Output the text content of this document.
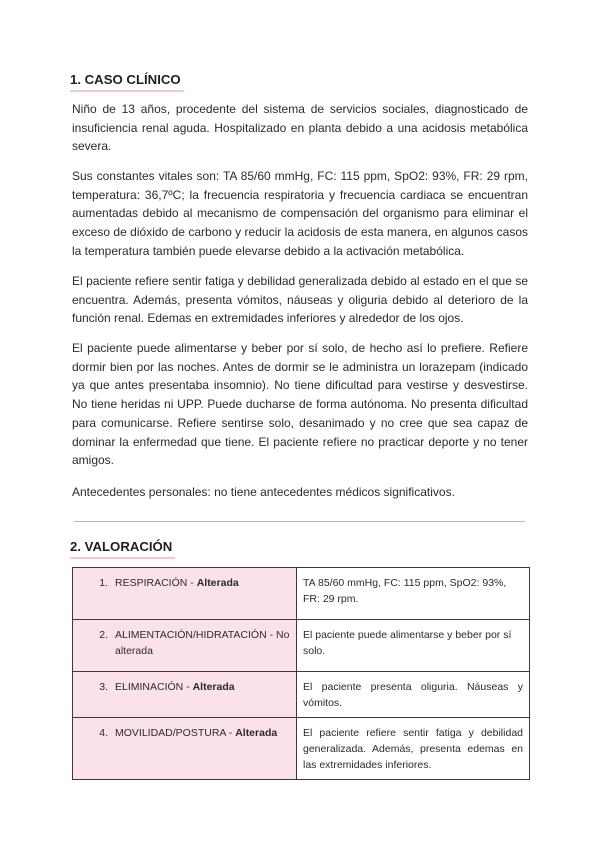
1. CASO CLÍNICO

Niño de 13 años, procedente del sistema de servicios sociales, diagnosticado de insuficiencia renal aguda. Hospitalizado en planta debido a una acidosis metabólica severa.

Sus constantes vitales son: TA 85/60 mmHg, FC: 115 ppm, SpO2: 93%, FR: 29 rpm, temperatura: 36,7ºC; la frecuencia respiratoria y frecuencia cardiaca se encuentran aumentadas debido al mecanismo de compensación del organismo para eliminar el exceso de dióxido de carbono y reducir la acidosis de esta manera, en algunos casos la temperatura también puede elevarse debido a la activación metabólica.

El paciente refiere sentir fatiga y debilidad generalizada debido al estado en el que se encuentra. Además, presenta vómitos, náuseas y oliguria debido al deterioro de la función renal. Edemas en extremidades inferiores y alrededor de los ojos.

El paciente puede alimentarse y beber por sí solo, de hecho así lo prefiere. Refiere dormir bien por las noches. Antes de dormir se le administra un lorazepam (indicado ya que antes presentaba insomnio). No tiene dificultad para vestirse y desvestirse. No tiene heridas ni UPP. Puede ducharse de forma autónoma. No presenta dificultad para comunicarse. Refiere sentirse solo, desanimado y no cree que sea capaz de dominar la enfermedad que tiene. El paciente refiere no practicar deporte y no tener amigos.

Antecedentes personales: no tiene antecedentes médicos significativos.

2. VALORACIÓN
1. RESPIRACIÓN - Alterada	TA 85/60 mmHg, FC: 115 ppm, SpO2: 93%, FR: 29 rpm.

2. ALIMENTACIÓN/HIDRATACIÓN - No alterada	El paciente puede alimentarse y beber por sí solo.

3. ELIMINACIÓN - Alterada	El paciente presenta oliguria. Náuseas y vómitos.

4. MOVILIDAD/POSTURA - Alterada	El paciente refiere sentir fatiga y debilidad generalizada. Además, presenta edemas en las extremidades inferiores.
